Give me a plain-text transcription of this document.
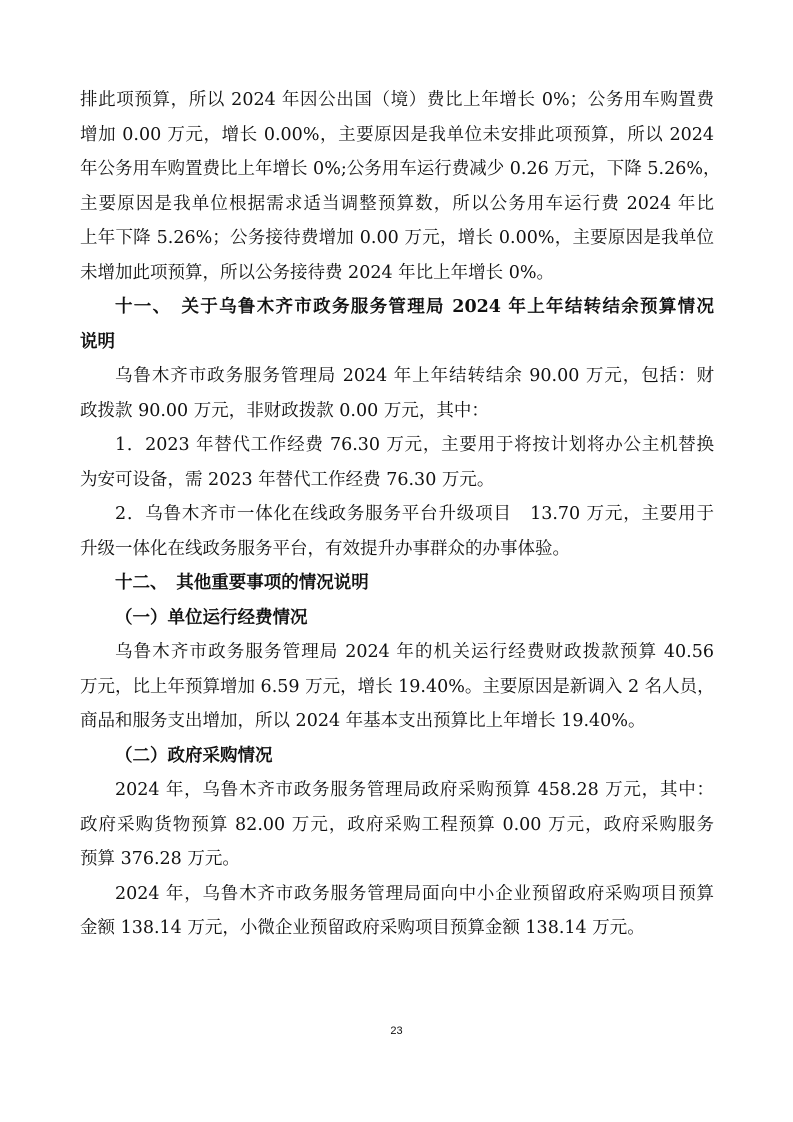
排此项预算，所以 2024 年因公出国（境）费比上年增长 0%；公务用车购置费
增加 0.00 万元，增长 0.00%，主要原因是我单位未安排此项预算，所以 2024
年公务用车购置费比上年增长 0%;公务用车运行费减少 0.26 万元，下降 5.26%，
主要原因是我单位根据需求适当调整预算数，所以公务用车运行费 2024 年比
上年下降 5.26%；公务接待费增加 0.00 万元，增长 0.00%，主要原因是我单位
未增加此项预算，所以公务接待费 2024 年比上年增长 0%。
十一、　关于乌鲁木齐市政务服务管理局 2024 年上年结转结余预算情况
说明
乌鲁木齐市政务服务管理局 2024 年上年结转结余 90.00 万元，包括：财
政拨款 90.00 万元，非财政拨款 0.00 万元，其中：
1．2023 年替代工作经费 76.30 万元，主要用于将按计划将办公主机替换
为安可设备，需 2023 年替代工作经费 76.30 万元。
2．乌鲁木齐市一体化在线政务服务平台升级项目　13.70 万元，主要用于
升级一体化在线政务服务平台，有效提升办事群众的办事体验。
十二、　其他重要事项的情况说明
（一）单位运行经费情况
乌鲁木齐市政务服务管理局 2024 年的机关运行经费财政拨款预算 40.56
万元，比上年预算增加 6.59 万元，增长 19.40%。主要原因是新调入 2 名人员，
商品和服务支出增加，所以 2024 年基本支出预算比上年增长 19.40%。
（二）政府采购情况
2024 年，乌鲁木齐市政务服务管理局政府采购预算 458.28 万元，其中：
政府采购货物预算 82.00 万元，政府采购工程预算 0.00 万元，政府采购服务
预算 376.28 万元。
2024 年，乌鲁木齐市政务服务管理局面向中小企业预留政府采购项目预算
金额 138.14 万元，小微企业预留政府采购项目预算金额 138.14 万元。
23
